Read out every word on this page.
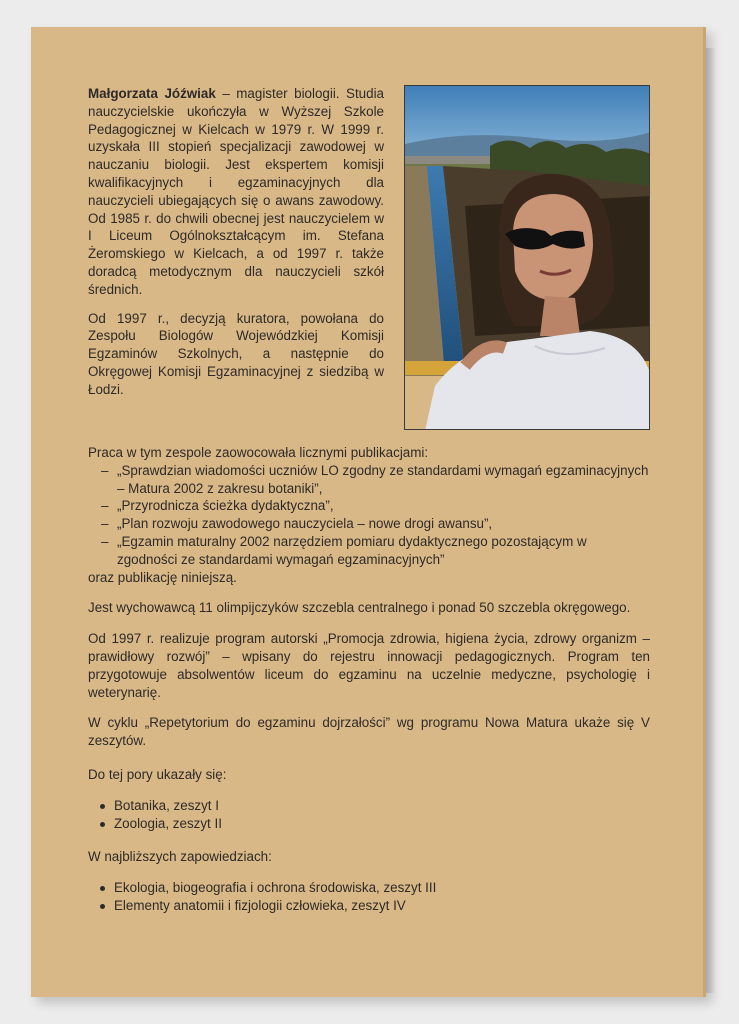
Małgorzata Jóźwiak – magister biologii. Studia nauczycielskie ukończyła w Wyższej Szkole Pedagogicznej w Kielcach w 1979 r. W 1999 r. uzyskała III stopień specjalizacji zawodowej w nauczaniu biologii. Jest ekspertem komisji kwalifikacyjnych i egzaminacyjnych dla nauczycieli ubiegających się o awans zawodowy. Od 1985 r. do chwili obecnej jest nauczycielem w I Liceum Ogólnokształcącym im. Stefana Żeromskiego w Kielcach, a od 1997 r. także doradcą metodycznym dla nauczycieli szkół średnich.

Od 1997 r., decyzją kuratora, powołana do Zespołu Biologów Wojewódzkiej Komisji Egzaminów Szkolnych, a następnie do Okręgowej Komisji Egzaminacyjnej z siedzibą w Łodzi.

Praca w tym zespole zaowocowała licznymi publikacjami:

– „Sprawdzian wiadomości uczniów LO zgodny ze standardami wymagań egzaminacyjnych – Matura 2002 z zakresu botaniki”,
– „Przyrodnicza ścieżka dydaktyczna”,
– „Plan rozwoju zawodowego nauczyciela – nowe drogi awansu”,
– „Egzamin maturalny 2002 narzędziem pomiaru dydaktycznego pozostającym w zgodności ze standardami wymagań egzaminacyjnych”

oraz publikację niniejszą.

Jest wychowawcą 11 olimpijczyków szczebla centralnego i ponad 50 szczebla okręgowego.

Od 1997 r. realizuje program autorski „Promocja zdrowia, higiena życia, zdrowy organizm – prawidłowy rozwój” – wpisany do rejestru innowacji pedagogicznych. Program ten przygotowuje absolwentów liceum do egzaminu na uczelnie medyczne, psychologię i weterynarię.

W cyklu „Repetytorium do egzaminu dojrzałości” wg programu Nowa Matura ukaże się V zeszytów.

Do tej pory ukazały się:

Botanika, zeszyt I
Zoologia, zeszyt II

W najbliższych zapowiedziach:

Ekologia, biogeografia i ochrona środowiska, zeszyt III
Elementy anatomii i fizjologii człowieka, zeszyt IV
